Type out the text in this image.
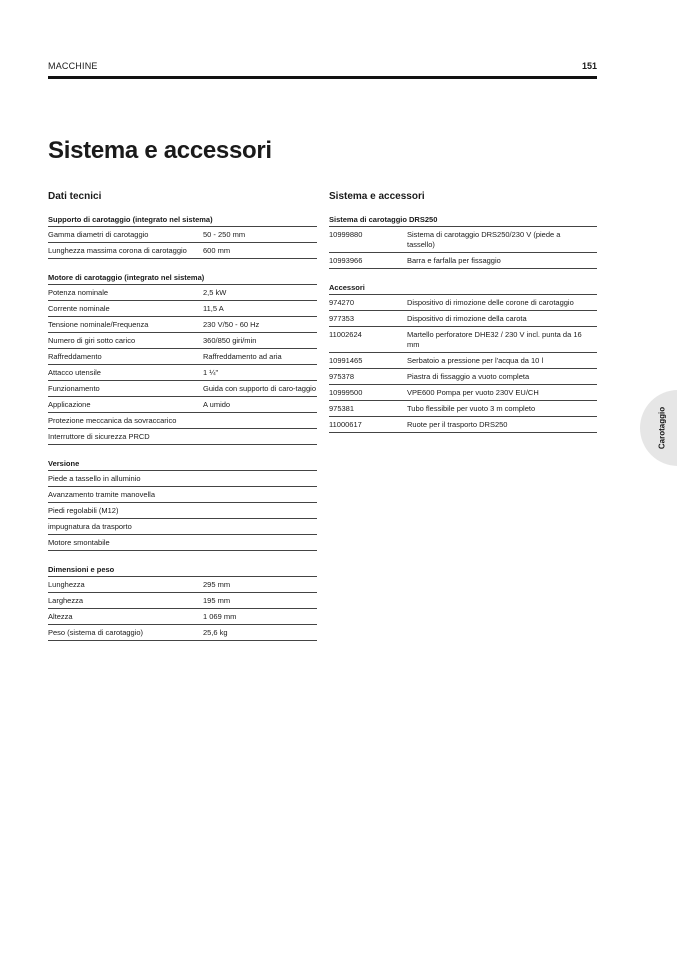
MACCHINE	151
Sistema e accessori
Dati tecnici
Supporto di carotaggio (integrato nel sistema)
Gamma diametri di carotaggio	50 - 250 mm
Lunghezza massima corona di carotaggio	600 mm
Motore di carotaggio (integrato nel sistema)
Potenza nominale	2,5 kW
Corrente nominale	11,5 A
Tensione nominale/Frequenza	230 V/50 - 60 Hz
Numero di giri sotto carico	360/850 giri/min
Raffreddamento	Raffreddamento ad aria
Attacco utensile	1 ¼"
Funzionamento	Guida con supporto di caro-taggio
Applicazione	A umido
Protezione meccanica da sovraccarico
Interruttore di sicurezza PRCD
Versione
Piede a tassello in alluminio
Avanzamento tramite manovella
Piedi regolabili (M12)
impugnatura da trasporto
Motore smontabile
Dimensioni e peso
Lunghezza	295 mm
Larghezza	195 mm
Altezza	1 069 mm
Peso (sistema di carotaggio)	25,6 kg
Sistema e accessori
Sistema di carotaggio DRS250
10999880	Sistema di carotaggio DRS250/230 V (piede a tassello)
10993966	Barra e farfalla per fissaggio
Accessori
974270	Dispositivo di rimozione delle corone di carotaggio
977353	Dispositivo di rimozione della carota
11002624	Martello perforatore DHE32 / 230 V incl. punta da 16 mm
10991465	Serbatoio a pressione per l'acqua da 10 l
975378	Piastra di fissaggio a vuoto completa
10999500	VPE600 Pompa per vuoto 230V EU/CH
975381	Tubo flessibile per vuoto 3 m completo
11000617	Ruote per il trasporto DRS250	Carotaggio
